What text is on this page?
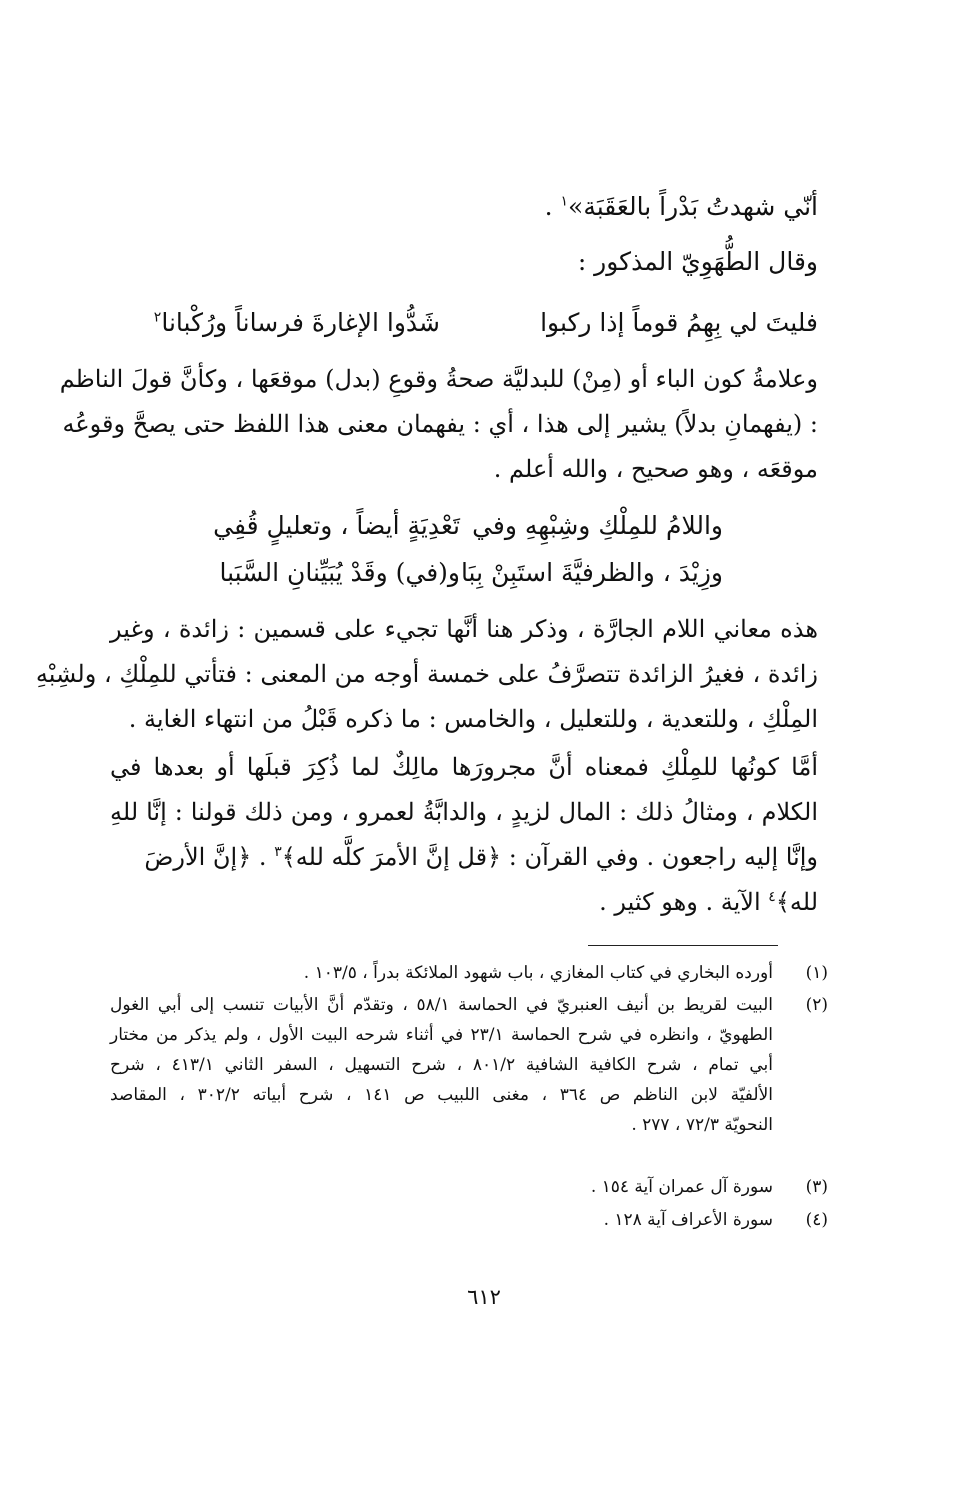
أنّي شهدتُ بَدْراً بالعَقَبَة»$^١$ .
وقال الطُّهَوِيّ المذكور :
فليتَ لي بِهِمُ قوماً إذا ركبوا
شَدُّوا الإغارةَ فرساناً ورُكْبانا$^٢$
وعلامةُ كون الباء أو (مِنْ) للبدليَّة صحةُ وقوعِ (بدل) موقعَها ، وكأنَّ قولَ الناظم
: (يفهمانِ بدلاً) يشير إلى هذا ، أي : يفهمان معنى هذا اللفظ حتى يصحَّ وقوعُه
موقعَه ، وهو صحيح ، والله أعلم .
واللامُ للمِلْكِ وشِبْهِهِ وفي
تَعْدِيَةٍ أيضاً ، وتعليلٍ قُفِي
وزِيْدَ ، والظرفيَّةَ استَبِنْ بِبَا
و(في) وقَدْ يُبَيِّنانِ السَّبَبا
هذه معاني اللام الجارَّة ، وذكر هنا أنَّها تجيء على قسمين : زائدة ، وغير
زائدة ، فغيرُ الزائدة تتصرَّفُ على خمسة أوجه من المعنى : فتأتي للمِلْكِ ، ولشِبْهِ
المِلْكِ ، وللتعدية ، وللتعليل ، والخامس : ما ذكره قَبْلُ من انتهاء الغاية .
أمَّا كونُها للمِلْكِ فمعناه أنَّ مجرورَها مالِكٌ لما ذُكِرَ قبلَها أو بعدها في
الكلام ، ومثالُ ذلك : المال لزيدٍ ، والدابَّةُ لعمرو ، ومن ذلك قولنا : إنَّا للهِ
وإنَّا إليه راجعون . وفي القرآن : ﴿قل إنَّ الأمرَ كلَّه لله﴾$^٣$ . ﴿إنَّ الأرضَ
لله﴾$^٤$ الآية . وهو كثير .
(١)
أورده البخاري في كتاب المغازي ، باب شهود الملائكة بدراً ، ١٠٣/٥ .
(٢)
البيت لقريط بن أنيف العنبريّ في الحماسة ٥٨/١ ، وتقدّم أنَّ الأبيات تنسب إلى أبي الغول
الطهويّ ، وانظره في شرح الحماسة ٢٣/١ في أثناء شرحه البيت الأول ، ولم يذكر من مختار
أبي تمام ، شرح الكافية الشافية ٨٠١/٢ ، شرح التسهيل ، السفر الثاني ٤١٣/١ ، شرح
الألفيّة لابن الناظم ص ٣٦٤ ، مغنى اللبيب ص ١٤١ ، شرح أبياته ٣٠٢/٢ ، المقاصد
النحويّة ٧٢/٣ ، ٢٧٧ .
(٣)
سورة آل عمران آية ١٥٤ .
(٤)
سورة الأعراف آية ١٢٨ .
٦١٢
